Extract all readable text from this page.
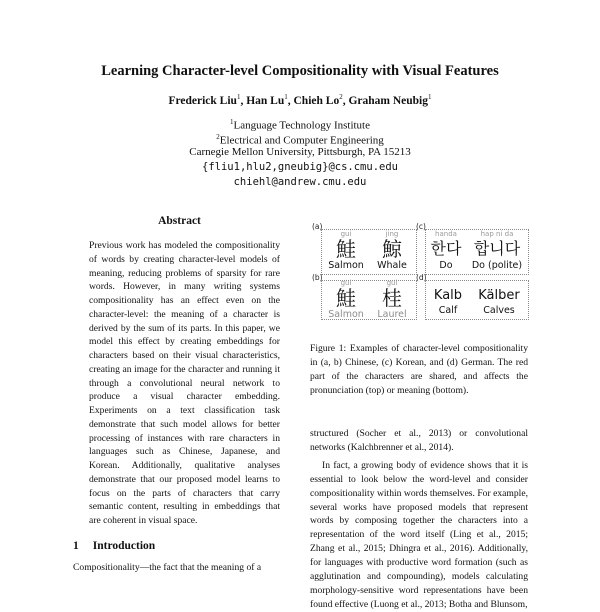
Learning Character-level Compositionality with Visual Features
Frederick Liu$^1$, Han Lu$^1$, Chieh Lo$^2$, Graham Neubig$^1$
$^1$Language Technology Institute
$^2$Electrical and Computer Engineering
Carnegie Mellon University, Pittsburgh, PA 15213
{fliu1,hlu2,gneubig}@cs.cmu.edu
chiehl@andrew.cmu.edu
Abstract

Previous work has modeled the compositionality of words by creating character-level models of meaning, reducing problems of sparsity for rare words. However, in many writing systems compositionality has an effect even on the character-level: the meaning of a character is derived by the sum of its parts. In this paper, we model this effect by creating embeddings for characters based on their visual characteristics, creating an image for the character and running it through a convolutional neural network to produce a visual character embedding. Experiments on a text classification task demonstrate that such model allows for better processing of instances with rare characters in languages such as Chinese, Japanese, and Korean. Additionally, qualitative analyses demonstrate that our proposed model learns to focus on the parts of characters that carry semantic content, resulting in embeddings that are coherent in visual space.

1 Introduction

Compositionality—the fact that the meaning of a

(a)
gui
鮭
Salmon
jing
鯨
Whale
(b)
gui
鮭
Salmon
gui
桂
Laurel
(c)
handa
한다
Do
hap ni da
합니다
Do (polite)
(d)
Kalb
Calf
Kälber
Calves

Figure 1: Examples of character-level compositionality in (a, b) Chinese, (c) Korean, and (d) German. The red part of the characters are shared, and affects the pronunciation (top) or meaning (bottom).

structured (Socher et al., 2013) or convolutional networks (Kalchbrenner et al., 2014).

In fact, a growing body of evidence shows that it is essential to look below the word-level and consider compositionality within words themselves. For example, several works have proposed models that represent words by composing together the characters into a representation of the word itself (Ling et al., 2015; Zhang et al., 2015; Dhingra et al., 2016). Additionally, for languages with productive word formation (such as agglutination and compounding), models calculating morphology-sensitive word representations have been found effective (Luong et al., 2013; Botha and Blunsom,
